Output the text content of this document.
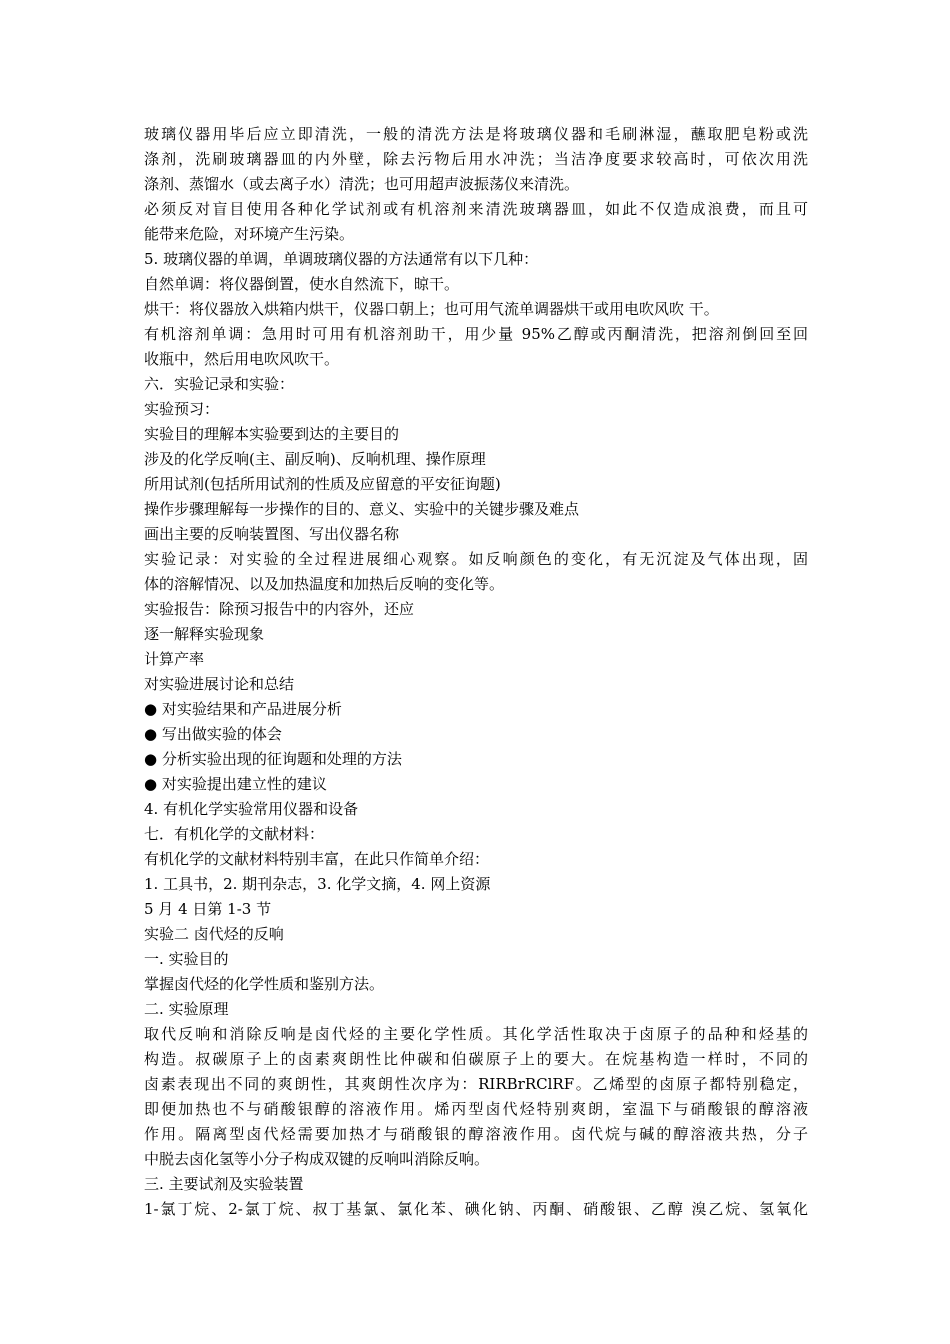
玻璃仪器用毕后应立即清洗，一般的清洗方法是将玻璃仪器和毛刷淋湿，蘸取肥皂粉或洗
涤剂，洗刷玻璃器皿的内外壁，除去污物后用水冲洗；当洁净度要求较高时，可依次用洗
涤剂、蒸馏水（或去离子水）清洗；也可用超声波振荡仪来清洗。
必须反对盲目使用各种化学试剂或有机溶剂来清洗玻璃器皿，如此不仅造成浪费，而且可
能带来危险，对环境产生污染。
5. 玻璃仪器的单调，单调玻璃仪器的方法通常有以下几种：
自然单调：将仪器倒置，使水自然流下，晾干。
烘干：将仪器放入烘箱内烘干，仪器口朝上；也可用气流单调器烘干或用电吹风吹 干。
有机溶剂单调：急用时可用有机溶剂助干，用少量 95%乙醇或丙酮清洗，把溶剂倒回至回
收瓶中，然后用电吹风吹干。
六．实验记录和实验：
实验预习：
实验目的理解本实验要到达的主要目的
涉及的化学反响(主、副反响)、反响机理、操作原理
所用试剂(包括所用试剂的性质及应留意的平安征询题)
操作步骤理解每一步操作的目的、意义、实验中的关键步骤及难点
画出主要的反响装置图、写出仪器名称
实验记录：对实验的全过程进展细心观察。如反响颜色的变化，有无沉淀及气体出现，固
体的溶解情况、以及加热温度和加热后反响的变化等。
实验报告：除预习报告中的内容外，还应
逐一解释实验现象
计算产率
对实验进展讨论和总结
● 对实验结果和产品进展分析
● 写出做实验的体会
● 分析实验出现的征询题和处理的方法
● 对实验提出建立性的建议
4. 有机化学实验常用仪器和设备
七．有机化学的文献材料：
有机化学的文献材料特别丰富，在此只作简单介绍：
1. 工具书，2. 期刊杂志，3. 化学文摘，4. 网上资源
5 月 4 日第 1-3 节
实验二 卤代烃的反响
一. 实验目的
掌握卤代烃的化学性质和鉴别方法。
二. 实验原理
取代反响和消除反响是卤代烃的主要化学性质。其化学活性取决于卤原子的品种和烃基的
构造。叔碳原子上的卤素爽朗性比仲碳和伯碳原子上的要大。在烷基构造一样时，不同的
卤素表现出不同的爽朗性，其爽朗性次序为：RIRBrRClRF。乙烯型的卤原子都特别稳定，
即便加热也不与硝酸银醇的溶液作用。烯丙型卤代烃特别爽朗，室温下与硝酸银的醇溶液
作用。隔离型卤代烃需要加热才与硝酸银的醇溶液作用。卤代烷与碱的醇溶液共热，分子
中脱去卤化氢等小分子构成双键的反响叫消除反响。
三. 主要试剂及实验装置
1-氯丁烷、2-氯丁烷、叔丁基氯、氯化苯、碘化钠、丙酮、硝酸银、乙醇 溴乙烷、氢氧化
